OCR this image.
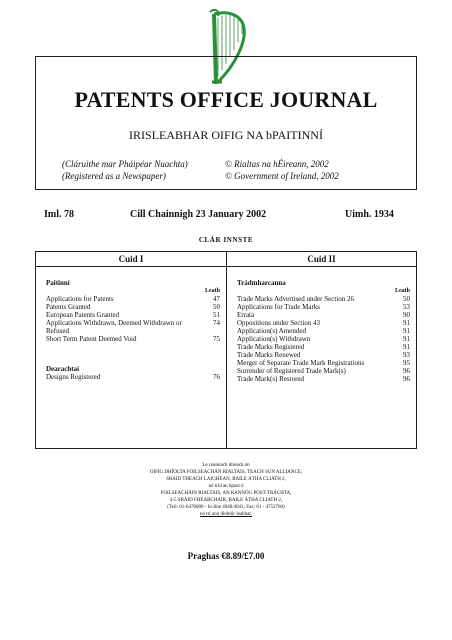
PATENTS OFFICE JOURNAL
IRISLEABHAR OIFIG NA bPAITINNÍ
(Cláruithe mar Pháipéar Nuachta)
(Registered as a Newspaper)
© Rialtas na hÉireann, 2002
© Government of Ireland, 2002
Iml. 78	Cill Chainnigh 23 January 2002	Uimh. 1934
CLÁR INNSTE
Cuid I
Paitinní
Leath
Applications for Patents	47
Patents Granted	50
European Patents Granted	51
Applications Withdrawn, Deemed Withdrawn or	74
Refused
Short Term Patent Deemed Void	75
Dearachtaí
Designs Registered	76
Cuid II
Trádmharcanna
Leath
Trade Marks Advertised under Section 26	50
Applications for Trade Marks	53
Errata	90
Oppositions under Section 43	91
Application(s) Amended	91
Application(s) Withdrawn	91
Trade Marks Registered	91
Trade Marks Renewed	93
Merger of Separate Trade Mark Registrations	95
Surrender of Registered Trade Mark(s)	96
Trade Mark(s) Restored	96
Le ceannach díreach ón
OIFIG DHÍOLTA FOILSEACHÁN RIALTAIS, TEACH SUN ALLIANCE,
SRÁID THEACH LAIGHEAN, BAILE ÁTHA CLIATH 2,
nó tríd an bpost ó
FOILSEACHÁIN RIALTAIS, AN RANNÓG POST-TRÁCHTA,
4-5 SRÁID FHEARCHAIR, BAILE ÁTHA CLIATH 2,
(Teil: 01-6476000 - fo-líne 4040/4041; Fax: 01 - 4752760)
nó trí aon díoltóir leabhar.
Praghas €8.89/£7.00
